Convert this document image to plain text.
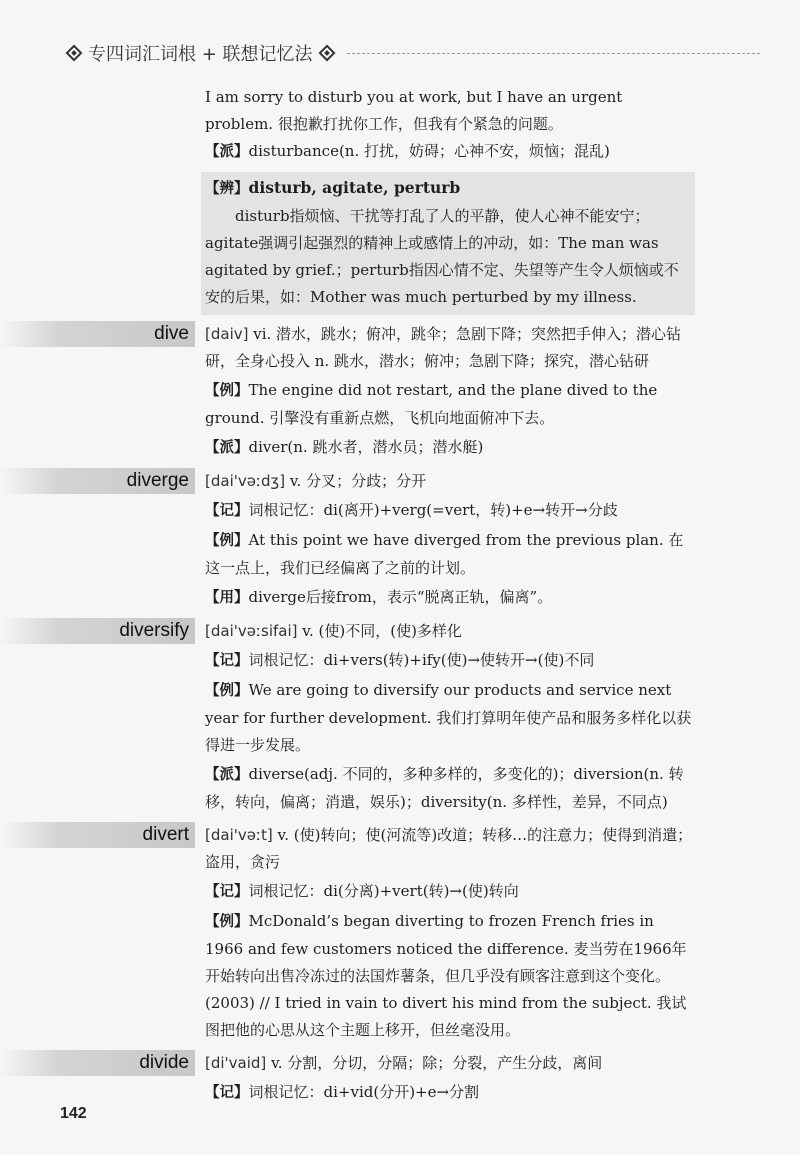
专四词汇词根 + 联想记忆法

I am sorry to disturb you at work, but I have an urgent problem. 很抱歉打扰你工作，但我有个紧急的问题。

【派】disturbance(n. 打扰，妨碍；心神不安，烦恼；混乱)

【辨】disturb, agitate, perturb

disturb指烦恼、干扰等打乱了人的平静，使人心神不能安宁；agitate强调引起强烈的精神上或感情上的冲动，如：The man was agitated by grief.；perturb指因心情不定、失望等产生令人烦恼或不安的后果，如：Mother was much perturbed by my illness.

dive	[daiv] vi. 潜水，跳水；俯冲，跳伞；急剧下降；突然把手伸入；潜心钻研，全身心投入 n. 跳水，潜水；俯冲；急剧下降；探究，潜心钻研

【例】The engine did not restart, and the plane dived to the ground. 引擎没有重新点燃，飞机向地面俯冲下去。

【派】diver(n. 跳水者，潜水员；潜水艇)

diverge	[dai'vəːdʒ] v. 分叉；分歧；分开

【记】词根记忆：di(离开)+verg(=vert，转)+e→转开→分歧

【例】At this point we have diverged from the previous plan. 在这一点上，我们已经偏离了之前的计划。

【用】diverge后接from，表示“脱离正轨，偏离”。

diversify	[dai'vəːsifai] v. (使)不同，(使)多样化

【记】词根记忆：di+vers(转)+ify(使)→使转开→(使)不同

【例】We are going to diversify our products and service next year for further development. 我们打算明年使产品和服务多样化以获得进一步发展。

【派】diverse(adj. 不同的，多种多样的，多变化的)；diversion(n. 转移，转向，偏离；消遣，娱乐)；diversity(n. 多样性，差异，不同点)

divert	[dai'vəːt] v. (使)转向；使(河流等)改道；转移…的注意力；使得到消遣；盗用，贪污

【记】词根记忆：di(分离)+vert(转)→(使)转向

【例】McDonald’s began diverting to frozen French fries in 1966 and few customers noticed the difference. 麦当劳在1966年开始转向出售冷冻过的法国炸薯条，但几乎没有顾客注意到这个变化。(2003) // I tried in vain to divert his mind from the subject. 我试图把他的心思从这个主题上移开，但丝毫没用。

divide	[di'vaid] v. 分割，分切，分隔；除；分裂，产生分歧，离间

【记】词根记忆：di+vid(分开)+e→分割

142
